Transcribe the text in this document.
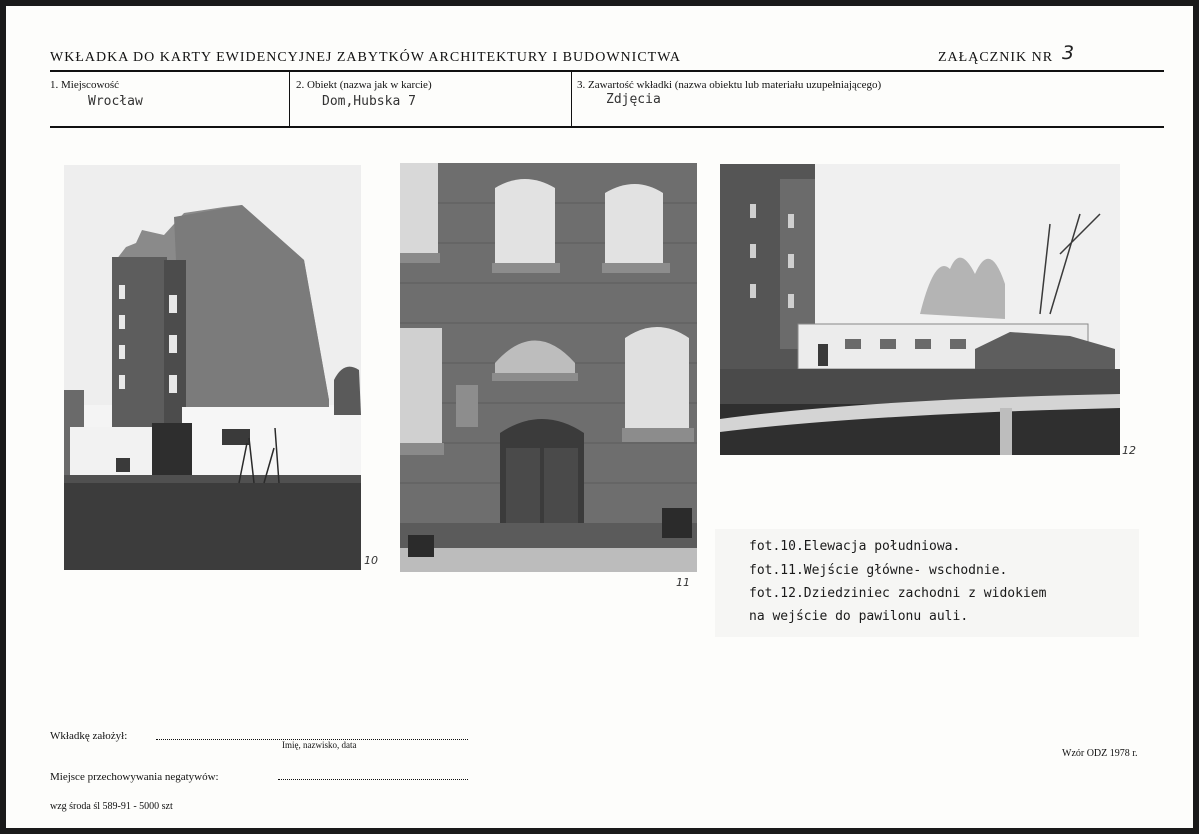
WKŁADKA DO KARTY EWIDENCYJNEJ ZABYTKÓW ARCHITEKTURY I BUDOWNICTWA	ZAŁĄCZNIK NR 3
1. Miejscowość
Wrocław
2. Obiekt (nazwa jak w karcie)
Dom,Hubska 7
3. Zawartość wkładki (nazwa obiektu lub materiału uzupełniającego)
Zdjęcia
10
11
12
fot.10.Elewacja południowa.
fot.11.Wejście główne- wschodnie.
fot.12.Dziedziniec zachodni z widokiem
na wejście do pawilonu auli.
Wkładkę założył:
Imię, nazwisko, data
Miejsce przechowywania negatywów:
wzg środa śl 589-91 - 5000 szt
Wzór ODZ 1978 r.
